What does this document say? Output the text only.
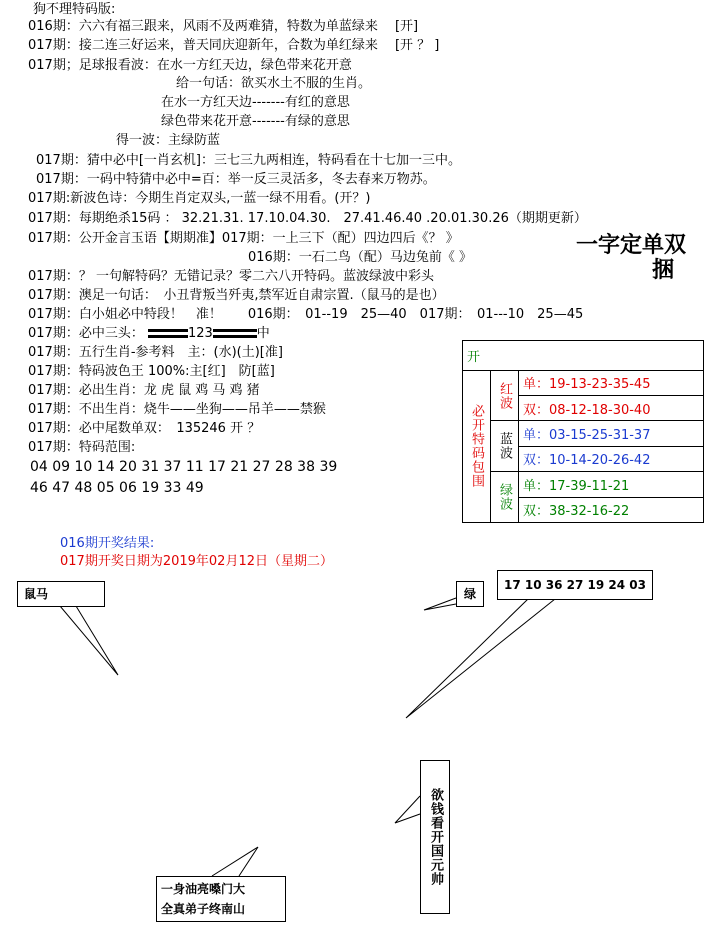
狗不理特码版:
016期：六六有福三跟来，风雨不及两难猜，特数为单蓝绿来　 [开]
017期：接二连三好运来，普天同庆迎新年，合数为单红绿来　 [开 ？ ]
017期；足球报看波：在水一方红天边，绿色带来花开意
给一句话：欲买水土不服的生肖。
在水一方红天边-------有红的意思
绿色带来花开意-------有绿的意思
得一波：主绿防蓝
017期：猜中必中[一肖玄机]：三七三九两相连，特码看在十七加一三中。
017期：一码中特猜中必中=百：举一反三灵活多，冬去春来万物苏。
017期:新波色诗：今期生肖定双头,一蓝一绿不用看。(开？)
017期：每期绝杀15码 ： 32.21.31. 17.10.04.30.　27.41.46.40 .20.01.30.26（期期更新）
017期：公开金言玉语【期期准】017期：一上三下（配）四边四后《？ 》
016期：一石二鸟（配）马边兔前《 》
017期：？ 一句解特码？无错记录？零二六八开特码。蓝波绿波中彩头
017期：澳足一句话：　小丑背叛当歼夷,禁军近自肃宗置.（鼠马的是也）
017期：白小姐必中特段！　准！　　016期：　01--19　25—40　017期：　01---10　25—45
017期：必中三头：	123	中
017期：五行生肖-参考料　主：(水)(土)[准]
017期：特码波色王 100%:主[红]　防[蓝]
017期：必出生肖：龙 虎 鼠 鸡 马 鸡 猪
017期：不出生肖：烧牛——坐狗——吊羊——禁猴
017期：必中尾数单双：　135246 开 ？
017期：特码范围:
04 09 10 14 20 31 37 11 17 21 27 28 38 39
46 47 48 05 06 19 33 49
一字定单双
捆
开		
必开特码包围	红波	单：19-13-23-35-45
		双：08-12-18-30-40
	蓝波	单：03-15-25-31-37
		双：10-14-20-26-42
	绿波	单：17-39-11-21
		双：38-32-16-22
016期开奖结果:
017期开奖日期为2019年02月12日（星期二）
鼠马	绿
17 10 36 27 19 24 03
欲钱看开国元帅
一身油亮嗓门大
全真弟子终南山
